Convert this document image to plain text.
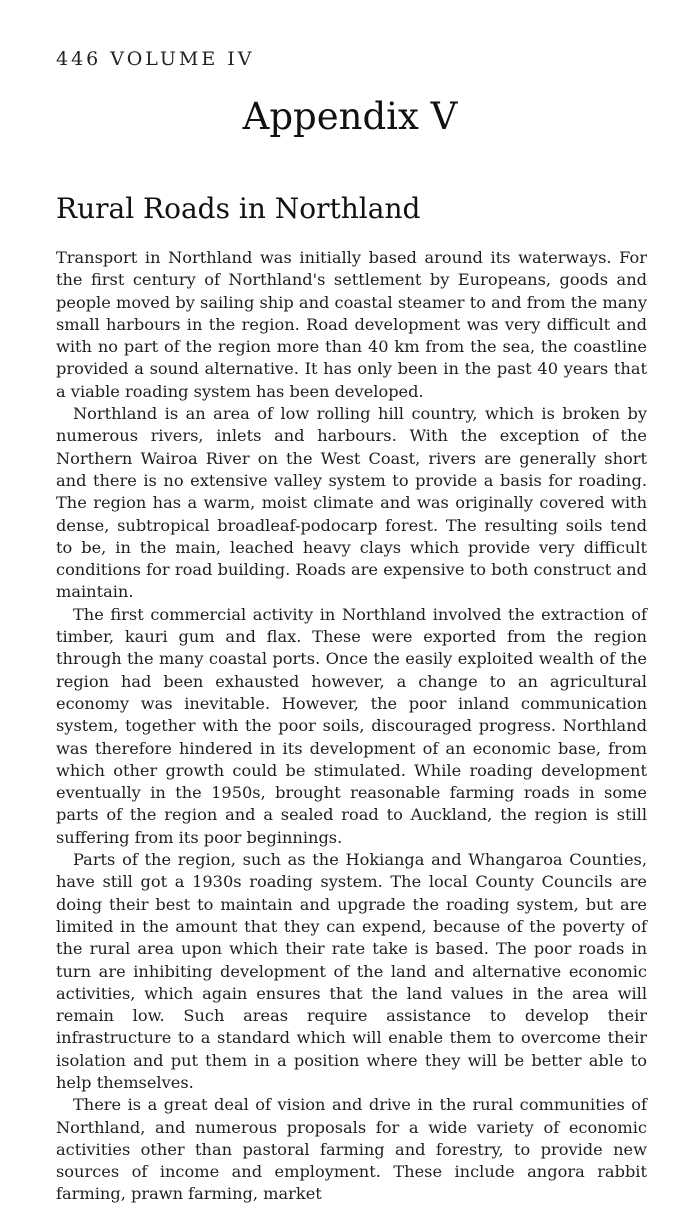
446 VOLUME IV
Appendix V
Rural Roads in Northland

Transport in Northland was initially based around its waterways. For the first century of Northland's settlement by Europeans, goods and people moved by sailing ship and coastal steamer to and from the many small harbours in the region. Road development was very difficult and with no part of the region more than 40 km from the sea, the coastline provided a sound alternative. It has only been in the past 40 years that a viable roading system has been developed.

Northland is an area of low rolling hill country, which is broken by numerous rivers, inlets and harbours. With the exception of the Northern Wairoa River on the West Coast, rivers are generally short and there is no extensive valley system to provide a basis for roading. The region has a warm, moist climate and was originally covered with dense, subtropical broadleaf-podocarp forest. The resulting soils tend to be, in the main, leached heavy clays which provide very difficult conditions for road building. Roads are expensive to both construct and maintain.

The first commercial activity in Northland involved the extraction of timber, kauri gum and flax. These were exported from the region through the many coastal ports. Once the easily exploited wealth of the region had been exhausted however, a change to an agricultural economy was inevitable. However, the poor inland communication system, together with the poor soils, discouraged progress. Northland was therefore hindered in its development of an economic base, from which other growth could be stimulated. While roading development eventually in the 1950s, brought reasonable farming roads in some parts of the region and a sealed road to Auckland, the region is still suffering from its poor beginnings.

Parts of the region, such as the Hokianga and Whangaroa Counties, have still got a 1930s roading system. The local County Councils are doing their best to maintain and upgrade the roading system, but are limited in the amount that they can expend, because of the poverty of the rural area upon which their rate take is based. The poor roads in turn are inhibiting development of the land and alternative economic activities, which again ensures that the land values in the area will remain low. Such areas require assistance to develop their infrastructure to a standard which will enable them to overcome their isolation and put them in a position where they will be better able to help themselves.

There is a great deal of vision and drive in the rural communities of Northland, and numerous proposals for a wide variety of economic activities other than pastoral farming and forestry, to provide new sources of income and employment. These include angora rabbit farming, prawn farming, market
